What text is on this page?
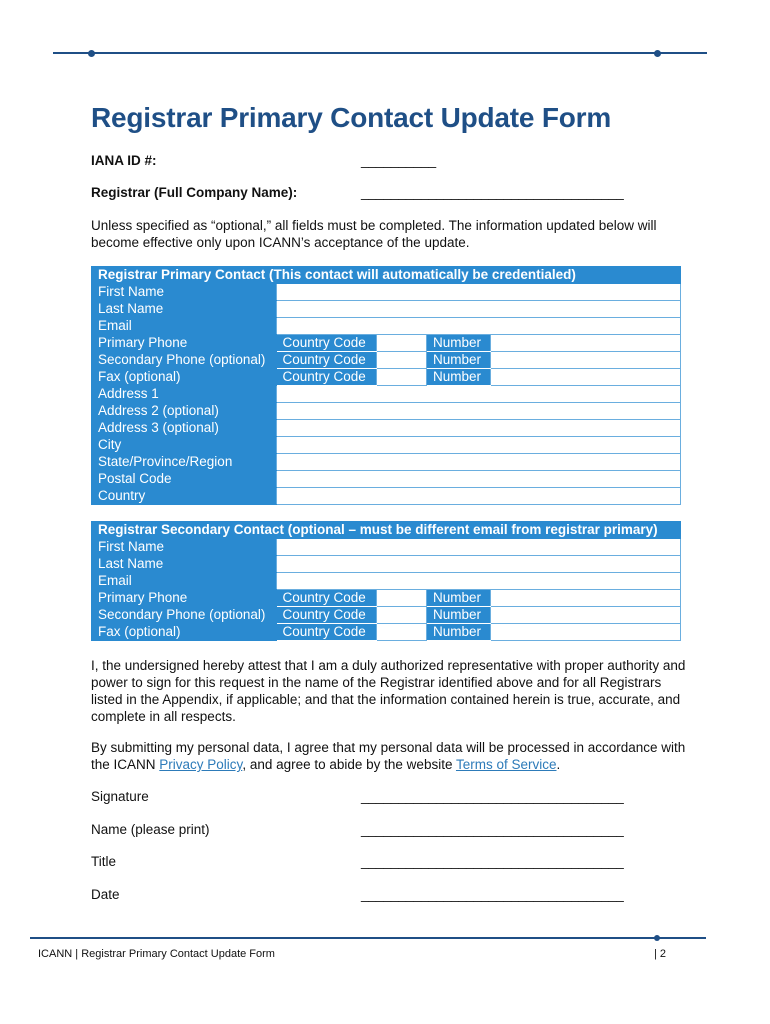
Registrar Primary Contact Update Form
IANA ID #:	__________
Registrar (Full Company Name):	___________________________________
Unless specified as “optional,” all fields must be completed. The information updated below will become effective only upon ICANN’s acceptance of the update.
Registrar Primary Contact (This contact will automatically be credentialed)				
First Name				
Last Name				
Email				
Primary Phone	Country Code		Number	
Secondary Phone (optional)	Country Code		Number	
Fax (optional)	Country Code		Number	
Address 1				
Address 2 (optional)				
Address 3 (optional)				
City				
State/Province/Region				
Postal Code				
Country				
Registrar Secondary Contact (optional – must be different email from registrar primary)				
First Name				
Last Name				
Email				
Primary Phone	Country Code		Number	
Secondary Phone (optional)	Country Code		Number	
Fax (optional)	Country Code		Number	
I, the undersigned hereby attest that I am a duly authorized representative with proper authority and power to sign for this request in the name of the Registrar identified above and for all Registrars listed in the Appendix, if applicable; and that the information contained herein is true, accurate, and complete in all respects.
By submitting my personal data, I agree that my personal data will be processed in accordance with the ICANN Privacy Policy, and agree to abide by the website Terms of Service.
Signature	___________________________________
Name (please print)	___________________________________
Title	___________________________________
Date	___________________________________
ICANN | Registrar Primary Contact Update Form	| 2
